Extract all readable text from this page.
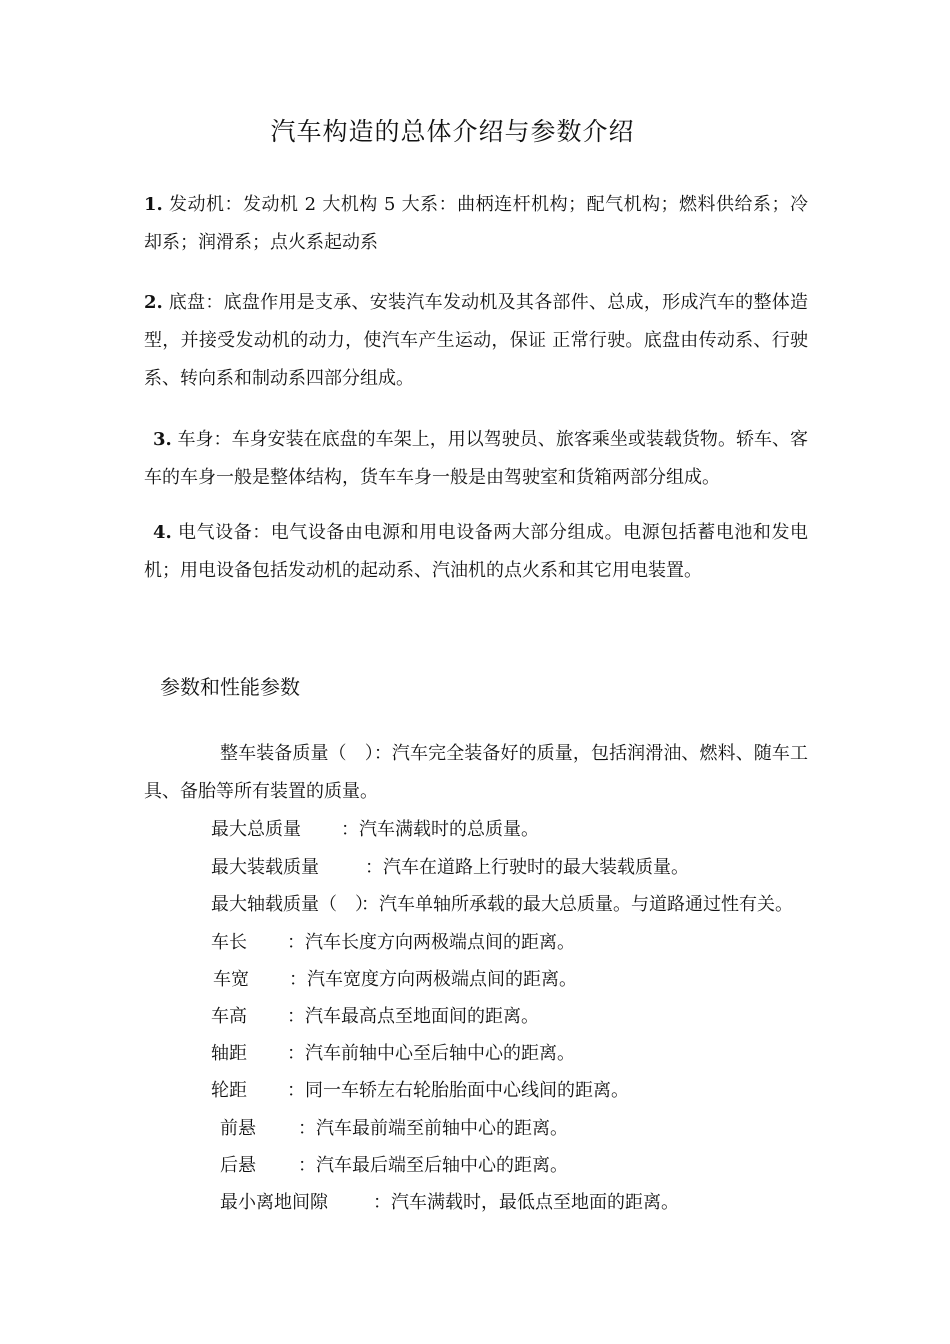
汽车构造的总体介绍与参数介绍
1. 发动机：发动机 2 大机构 5 大系：曲柄连杆机构；配气机构；燃料供给系；冷却系；润滑系；点火系起动系
2. 底盘：底盘作用是支承、安装汽车发动机及其各部件、总成，形成汽车的整体造型，并接受发动机的动力，使汽车产生运动，保证 正常行驶。底盘由传动系、行驶系、转向系和制动系四部分组成。
3. 车身：车身安装在底盘的车架上，用以驾驶员、旅客乘坐或装载货物。轿车、客车的车身一般是整体结构，货车车身一般是由驾驶室和货箱两部分组成。
4. 电气设备：电气设备由电源和用电设备两大部分组成。电源包括蓄电池和发电机；用电设备包括发动机的起动系、汽油机的点火系和其它用电装置。
参数和性能参数
整车装备质量（　）：汽车完全装备好的质量，包括润滑油、燃料、随车工具、备胎等所有装置的质量。
最大总质量 ：汽车满载时的总质量。
最大装载质量	：汽车在道路上行驶时的最大装载质量。
最大轴载质量（　）：汽车单轴所承载的最大总质量。与道路通过性有关。
车长 ：汽车长度方向两极端点间的距离。
车宽 ：汽车宽度方向两极端点间的距离。
车高 ：汽车最高点至地面间的距离。
轴距 ：汽车前轴中心至后轴中心的距离。
轮距 ：同一车轿左右轮胎胎面中心线间的距离。
前悬 ：汽车最前端至前轴中心的距离。
后悬 ：汽车最后端至后轴中心的距离。
最小离地间隙	：汽车满载时，最低点至地面的距离。
